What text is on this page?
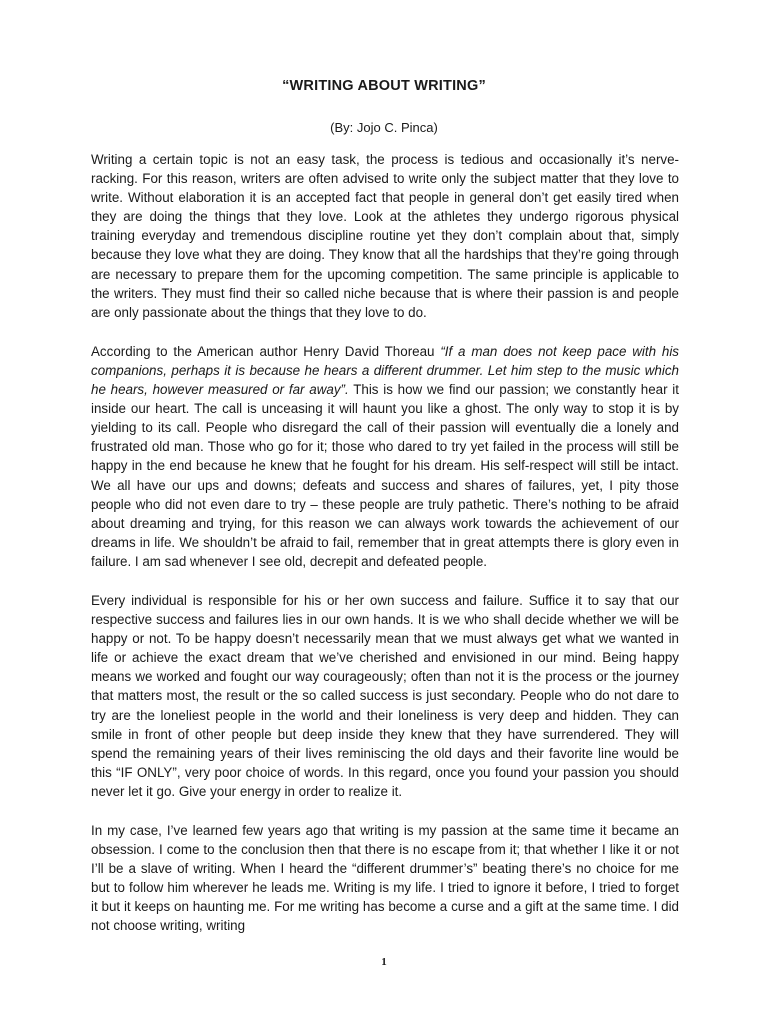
“WRITING ABOUT WRITING”

(By: Jojo C. Pinca)

Writing a certain topic is not an easy task, the process is tedious and occasionally it’s nerve-racking. For this reason, writers are often advised to write only the subject matter that they love to write. Without elaboration it is an accepted fact that people in general don’t get easily tired when they are doing the things that they love. Look at the athletes they undergo rigorous physical training everyday and tremendous discipline routine yet they don’t complain about that, simply because they love what they are doing. They know that all the hardships that they’re going through are necessary to prepare them for the upcoming competition. The same principle is applicable to the writers. They must find their so called niche because that is where their passion is and people are only passionate about the things that they love to do.

According to the American author Henry David Thoreau “If a man does not keep pace with his companions, perhaps it is because he hears a different drummer. Let him step to the music which he hears, however measured or far away”. This is how we find our passion; we constantly hear it inside our heart. The call is unceasing it will haunt you like a ghost. The only way to stop it is by yielding to its call. People who disregard the call of their passion will eventually die a lonely and frustrated old man. Those who go for it; those who dared to try yet failed in the process will still be happy in the end because he knew that he fought for his dream. His self-respect will still be intact. We all have our ups and downs; defeats and success and shares of failures, yet, I pity those people who did not even dare to try – these people are truly pathetic. There’s nothing to be afraid about dreaming and trying, for this reason we can always work towards the achievement of our dreams in life. We shouldn’t be afraid to fail, remember that in great attempts there is glory even in failure. I am sad whenever I see old, decrepit and defeated people.

Every individual is responsible for his or her own success and failure. Suffice it to say that our respective success and failures lies in our own hands. It is we who shall decide whether we will be happy or not. To be happy doesn’t necessarily mean that we must always get what we wanted in life or achieve the exact dream that we’ve cherished and envisioned in our mind. Being happy means we worked and fought our way courageously; often than not it is the process or the journey that matters most, the result or the so called success is just secondary. People who do not dare to try are the loneliest people in the world and their loneliness is very deep and hidden. They can smile in front of other people but deep inside they knew that they have surrendered. They will spend the remaining years of their lives reminiscing the old days and their favorite line would be this “IF ONLY”, very poor choice of words. In this regard, once you found your passion you should never let it go. Give your energy in order to realize it.

In my case, I’ve learned few years ago that writing is my passion at the same time it became an obsession. I come to the conclusion then that there is no escape from it; that whether I like it or not I’ll be a slave of writing. When I heard the “different drummer’s” beating there’s no choice for me but to follow him wherever he leads me. Writing is my life. I tried to ignore it before, I tried to forget it but it keeps on haunting me. For me writing has become a curse and a gift at the same time. I did not choose writing, writing

1
